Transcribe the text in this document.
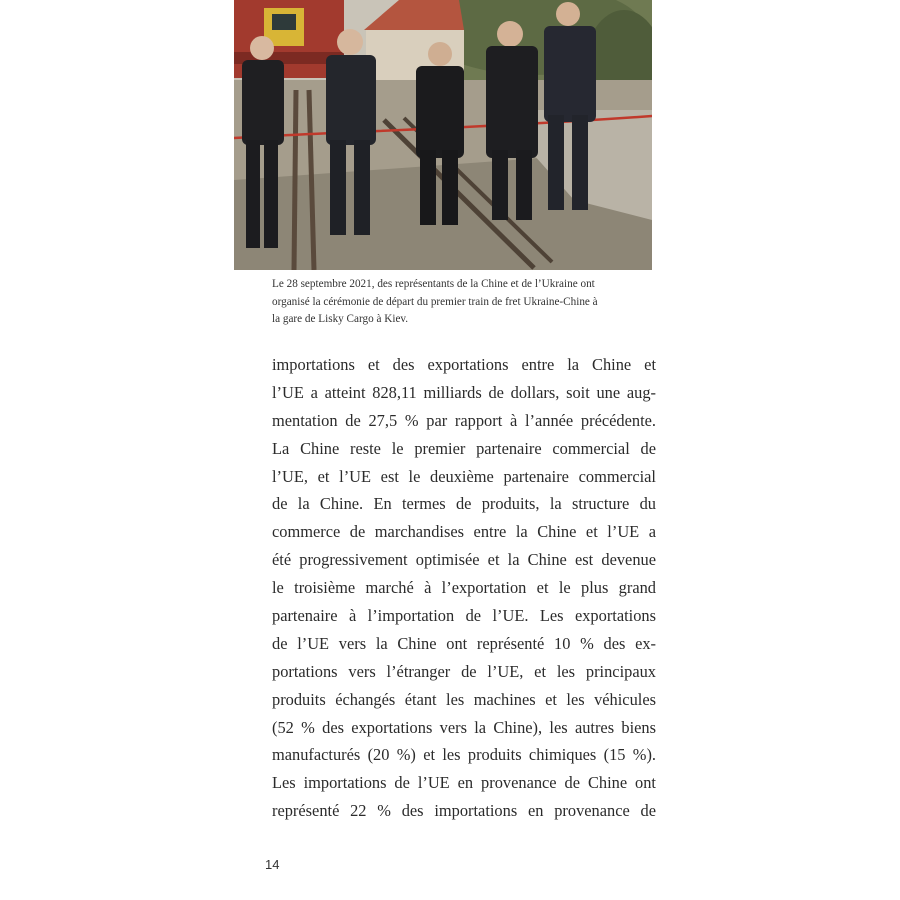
Le 28 septembre 2021, des représentants de la Chine et de l’Ukraine ont
organisé la cérémonie de départ du premier train de fret Ukraine-Chine à
la gare de Lisky Cargo à Kiev.
importations et des exportations entre la Chine et
l’UE a atteint 828,11 milliards de dollars, soit une aug-
mentation de 27,5 % par rapport à l’année précédente.
La Chine reste le premier partenaire commercial de
l’UE, et l’UE est le deuxième partenaire commercial
de la Chine. En termes de produits, la structure du
commerce de marchandises entre la Chine et l’UE a
été progressivement optimisée et la Chine est devenue
le troisième marché à l’exportation et le plus grand
partenaire à l’importation de l’UE. Les exportations
de l’UE vers la Chine ont représenté 10 % des ex-
portations vers l’étranger de l’UE, et les principaux
produits échangés étant les machines et les véhicules
(52 % des exportations vers la Chine), les autres biens
manufacturés (20 %) et les produits chimiques (15 %).
Les importations de l’UE en provenance de Chine ont
représenté 22 % des importations en provenance de
14
